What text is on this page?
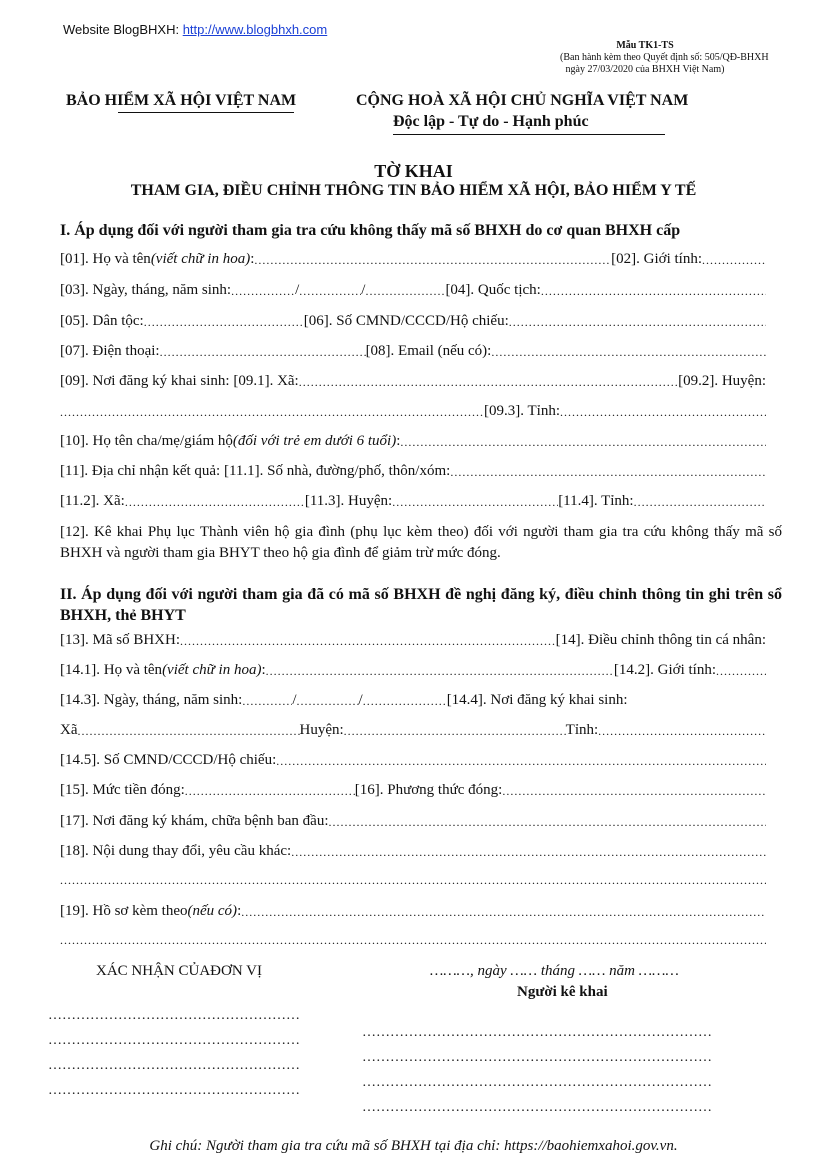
Website BlogBHXH: http://www.blogbhxh.com
Mẫu TK1-TS
(Ban hành kèm theo Quyết định số: 505/QĐ-BHXH
ngày 27/03/2020 của BHXH Việt Nam)
BẢO HIỂM XÃ HỘI VIỆT NAM	CỘNG HOÀ XÃ HỘI CHỦ NGHĨA VIỆT NAM
Độc lập - Tự do - Hạnh phúc
TỜ KHAI
THAM GIA, ĐIỀU CHỈNH THÔNG TIN BẢO HIỂM XÃ HỘI, BẢO HIỂM Y TẾ
I. Áp dụng đối với người tham gia tra cứu không thấy mã số BHXH do cơ quan BHXH cấp
[01]. Họ và tên (viết chữ in hoa) : .....	[02]. Giới tính:
.....
[03]. Ngày, tháng, năm sinh: .....	/ .....	/ .....	[04]. Quốc tịch:
.....
[05]. Dân tộc: .....	[06]. Số CMND/CCCD/Hộ chiếu:
.....
[07]. Điện thoại: .....	[08]. Email (nếu có):
.....
[09]. Nơi đăng ký khai sinh: [09.1]. Xã: .....	[09.2]. Huyện:
.....
[09.3]. Tỉnh:
.....
[10]. Họ tên cha/mẹ/giám hộ (đối với trẻ em dưới 6 tuổi) :
.....
[11]. Địa chỉ nhận kết quả: [11.1]. Số nhà, đường/phố, thôn/xóm:
.....
[11.2]. Xã: .....	[11.3]. Huyện: .....	[11.4]. Tỉnh:
.....
[12]. Kê khai Phụ lục Thành viên hộ gia đình (phụ lục kèm theo) đối với người tham gia tra cứu không thấy mã số BHXH và người tham gia BHYT theo hộ gia đình để giảm trừ mức đóng.
II. Áp dụng đối với người tham gia đã có mã số BHXH đề nghị đăng ký, điều chỉnh thông tin ghi trên sổ BHXH, thẻ BHYT
[13]. Mã số BHXH: .....	[14]. Điều chỉnh thông tin cá nhân:
[14.1]. Họ và tên (viết chữ in hoa) : .....	[14.2]. Giới tính:
.....
[14.3]. Ngày, tháng, năm sinh: .....	/ .....	/ .....	[14.4]. Nơi đăng ký khai sinh:
Xã .....	Huyện: .....	Tỉnh:
.....
[14.5]. Số CMND/CCCD/Hộ chiếu:
.....
[15]. Mức tiền đóng: .....	[16]. Phương thức đóng:
.....
[17]. Nơi đăng ký khám, chữa bệnh ban đầu:
.....
[18]. Nội dung thay đổi, yêu cầu khác:
.....
.....
[19]. Hồ sơ kèm theo (nếu có) :
.....
.....
XÁC NHẬN CỦAĐƠN VỊ	………, ngày …… tháng …… năm ………
Người kê khai
………………………………………………
………………………………………………
………………………………………………
………………………………………………
…………………………………………………………………
…………………………………………………………………
…………………………………………………………………
…………………………………………………………………
Ghi chú: Người tham gia tra cứu mã số BHXH tại địa chỉ: https://baohiemxahoi.gov.vn.
